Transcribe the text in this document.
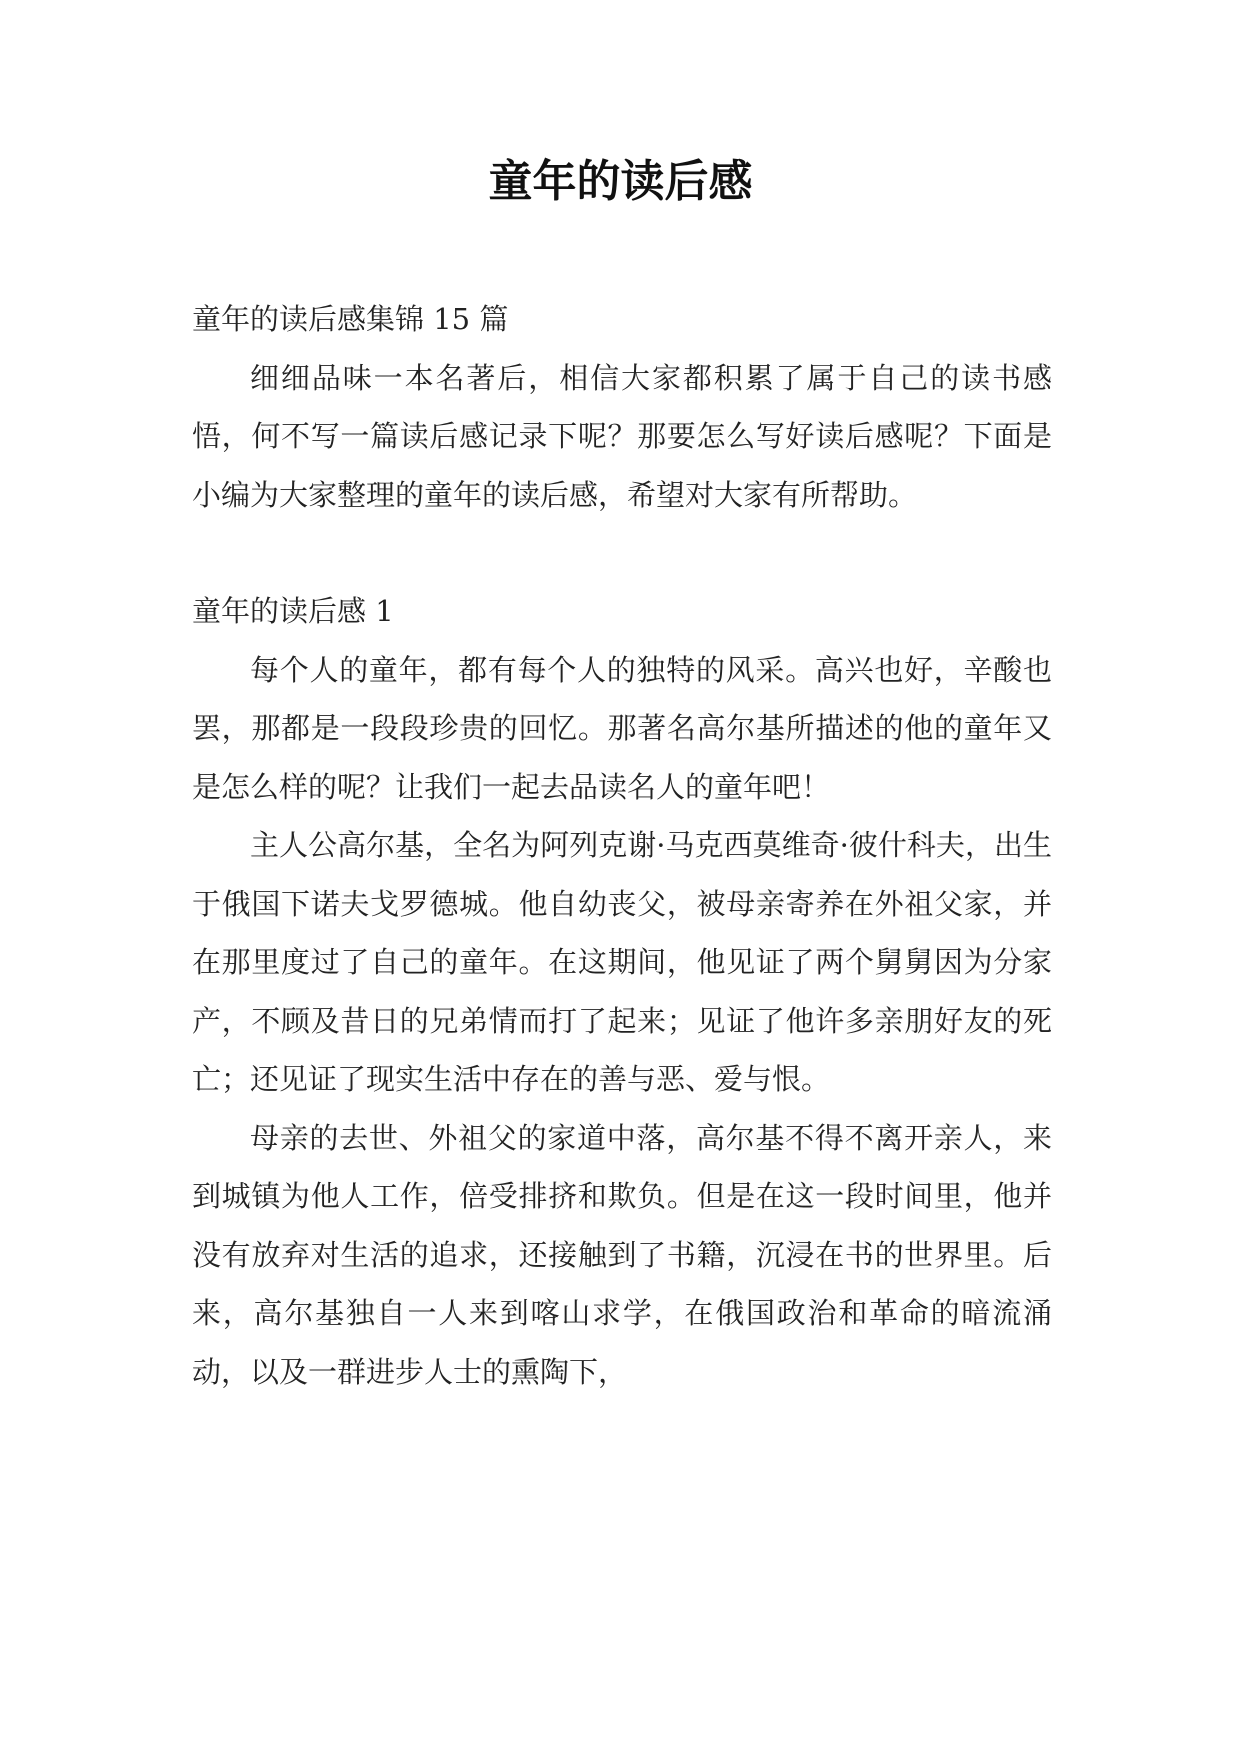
童年的读后感

童年的读后感集锦 15 篇

细细品味一本名著后，相信大家都积累了属于自己的读书感悟，何不写一篇读后感记录下呢？那要怎么写好读后感呢？下面是小编为大家整理的童年的读后感，希望对大家有所帮助。

童年的读后感 1

每个人的童年，都有每个人的独特的风采。高兴也好，辛酸也罢，那都是一段段珍贵的回忆。那著名高尔基所描述的他的童年又是怎么样的呢？让我们一起去品读名人的童年吧！

主人公高尔基，全名为阿列克谢·马克西莫维奇·彼什科夫，出生于俄国下诺夫戈罗德城。他自幼丧父，被母亲寄养在外祖父家，并在那里度过了自己的童年。在这期间，他见证了两个舅舅因为分家产，不顾及昔日的兄弟情而打了起来；见证了他许多亲朋好友的死亡；还见证了现实生活中存在的善与恶、爱与恨。

母亲的去世、外祖父的家道中落，高尔基不得不离开亲人，来到城镇为他人工作，倍受排挤和欺负。但是在这一段时间里，他并没有放弃对生活的追求，还接触到了书籍，沉浸在书的世界里。后来，高尔基独自一人来到喀山求学，在俄国政治和革命的暗流涌动，以及一群进步人士的熏陶下，
